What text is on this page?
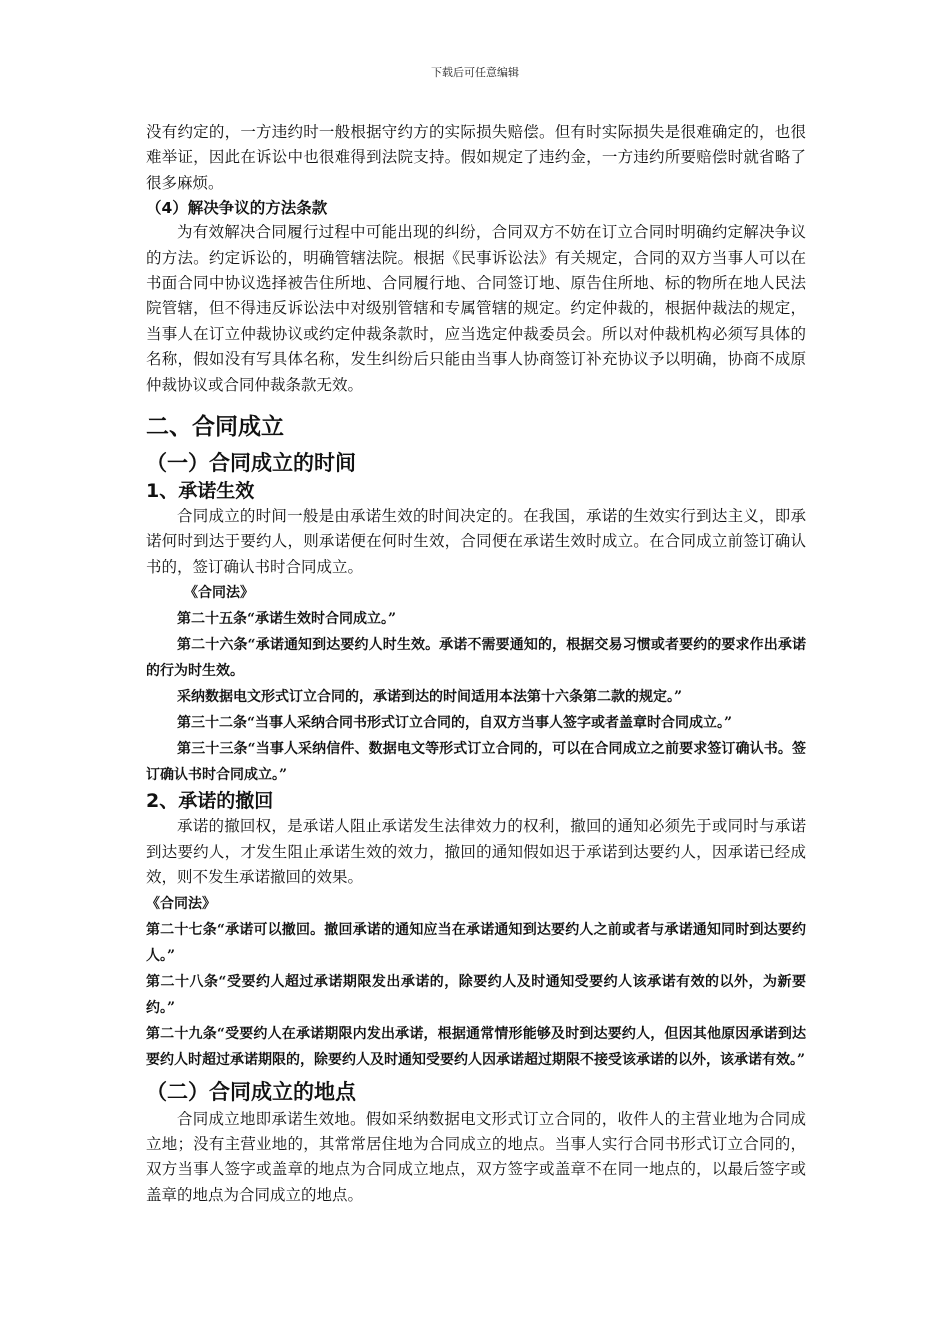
下载后可任意编辑

没有约定的，一方违约时一般根据守约方的实际损失赔偿。但有时实际损失是很难确定的，也很难举证，因此在诉讼中也很难得到法院支持。假如规定了违约金，一方违约所要赔偿时就省略了很多麻烦。

（4）解决争议的方法条款

为有效解决合同履行过程中可能出现的纠纷，合同双方不妨在订立合同时明确约定解决争议的方法。约定诉讼的，明确管辖法院。根据《民事诉讼法》有关规定，合同的双方当事人可以在书面合同中协议选择被告住所地、合同履行地、合同签订地、原告住所地、标的物所在地人民法院管辖，但不得违反诉讼法中对级别管辖和专属管辖的规定。约定仲裁的，根据仲裁法的规定，当事人在订立仲裁协议或约定仲裁条款时，应当选定仲裁委员会。所以对仲裁机构必须写具体的名称，假如没有写具体名称，发生纠纷后只能由当事人协商签订补充协议予以明确，协商不成原仲裁协议或合同仲裁条款无效。

二、合同成立

（一）合同成立的时间

1、承诺生效

合同成立的时间一般是由承诺生效的时间决定的。在我国，承诺的生效实行到达主义，即承诺何时到达于要约人，则承诺便在何时生效，合同便在承诺生效时成立。在合同成立前签订确认书的，签订确认书时合同成立。

《合同法》

第二十五条“承诺生效时合同成立。”

第二十六条“承诺通知到达要约人时生效。承诺不需要通知的，根据交易习惯或者要约的要求作出承诺的行为时生效。

采纳数据电文形式订立合同的，承诺到达的时间适用本法第十六条第二款的规定。”

第三十二条“当事人采纳合同书形式订立合同的，自双方当事人签字或者盖章时合同成立。”

第三十三条“当事人采纳信件、数据电文等形式订立合同的，可以在合同成立之前要求签订确认书。签订确认书时合同成立。”

2、承诺的撤回

承诺的撤回权，是承诺人阻止承诺发生法律效力的权利，撤回的通知必须先于或同时与承诺到达要约人，才发生阻止承诺生效的效力，撤回的通知假如迟于承诺到达要约人，因承诺已经成效，则不发生承诺撤回的效果。

《合同法》

第二十七条“承诺可以撤回。撤回承诺的通知应当在承诺通知到达要约人之前或者与承诺通知同时到达要约人。”

第二十八条“受要约人超过承诺期限发出承诺的，除要约人及时通知受要约人该承诺有效的以外，为新要约。”

第二十九条“受要约人在承诺期限内发出承诺，根据通常情形能够及时到达要约人，但因其他原因承诺到达要约人时超过承诺期限的，除要约人及时通知受要约人因承诺超过期限不接受该承诺的以外，该承诺有效。”

（二）合同成立的地点

合同成立地即承诺生效地。假如采纳数据电文形式订立合同的，收件人的主营业地为合同成立地；没有主营业地的，其常常居住地为合同成立的地点。当事人实行合同书形式订立合同的，双方当事人签字或盖章的地点为合同成立地点，双方签字或盖章不在同一地点的，以最后签字或盖章的地点为合同成立的地点。
